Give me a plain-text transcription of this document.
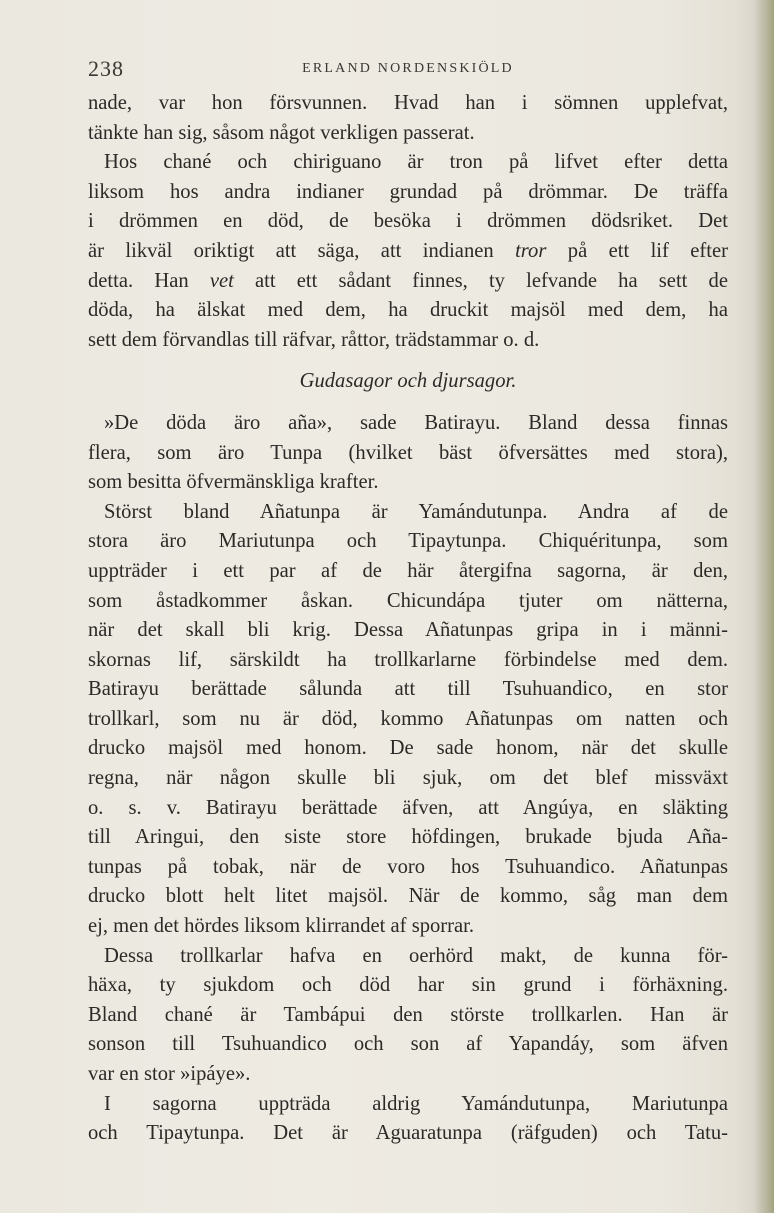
238	ERLAND NORDENSKIÖLD
nade, var hon försvunnen. Hvad han i sömnen upplefvat,
tänkte han sig, såsom något verkligen passerat.
Hos chané och chiriguano är tron på lifvet efter detta
liksom hos andra indianer grundad på drömmar. De träffa
i drömmen en död, de besöka i drömmen dödsriket. Det
är likväl oriktigt att säga, att indianen tror på ett lif efter
detta. Han vet att ett sådant finnes, ty lefvande ha sett de
döda, ha älskat med dem, ha druckit majsöl med dem, ha
sett dem förvandlas till räfvar, råttor, trädstammar o. d.
Gudasagor och djursagor.
»De döda äro aña», sade Batirayu. Bland dessa finnas
flera, som äro Tunpa (hvilket bäst öfversättes med stora),
som besitta öfvermänskliga krafter.
Störst bland Añatunpa är Yamándutunpa. Andra af de
stora äro Mariutunpa och Tipaytunpa. Chiquéritunpa, som
uppträder i ett par af de här återgifna sagorna, är den,
som åstadkommer åskan. Chicundápa tjuter om nätterna,
när det skall bli krig. Dessa Añatunpas gripa in i männi-
skornas lif, särskildt ha trollkarlarne förbindelse med dem.
Batirayu berättade sålunda att till Tsuhuandico, en stor
trollkarl, som nu är död, kommo Añatunpas om natten och
drucko majsöl med honom. De sade honom, när det skulle
regna, när någon skulle bli sjuk, om det blef missväxt
o. s. v. Batirayu berättade äfven, att Angúya, en släkting
till Aringui, den siste store höfdingen, brukade bjuda Aña-
tunpas på tobak, när de voro hos Tsuhuandico. Añatunpas
drucko blott helt litet majsöl. När de kommo, såg man dem
ej, men det hördes liksom klirrandet af sporrar.
Dessa trollkarlar hafva en oerhörd makt, de kunna för-
häxa, ty sjukdom och död har sin grund i förhäxning.
Bland chané är Tambápui den störste trollkarlen. Han är
sonson till Tsuhuandico och son af Yapandáy, som äfven
var en stor »ipáye».
I sagorna uppträda aldrig Yamándutunpa, Mariutunpa
och Tipaytunpa. Det är Aguaratunpa (räfguden) och Tatu-
